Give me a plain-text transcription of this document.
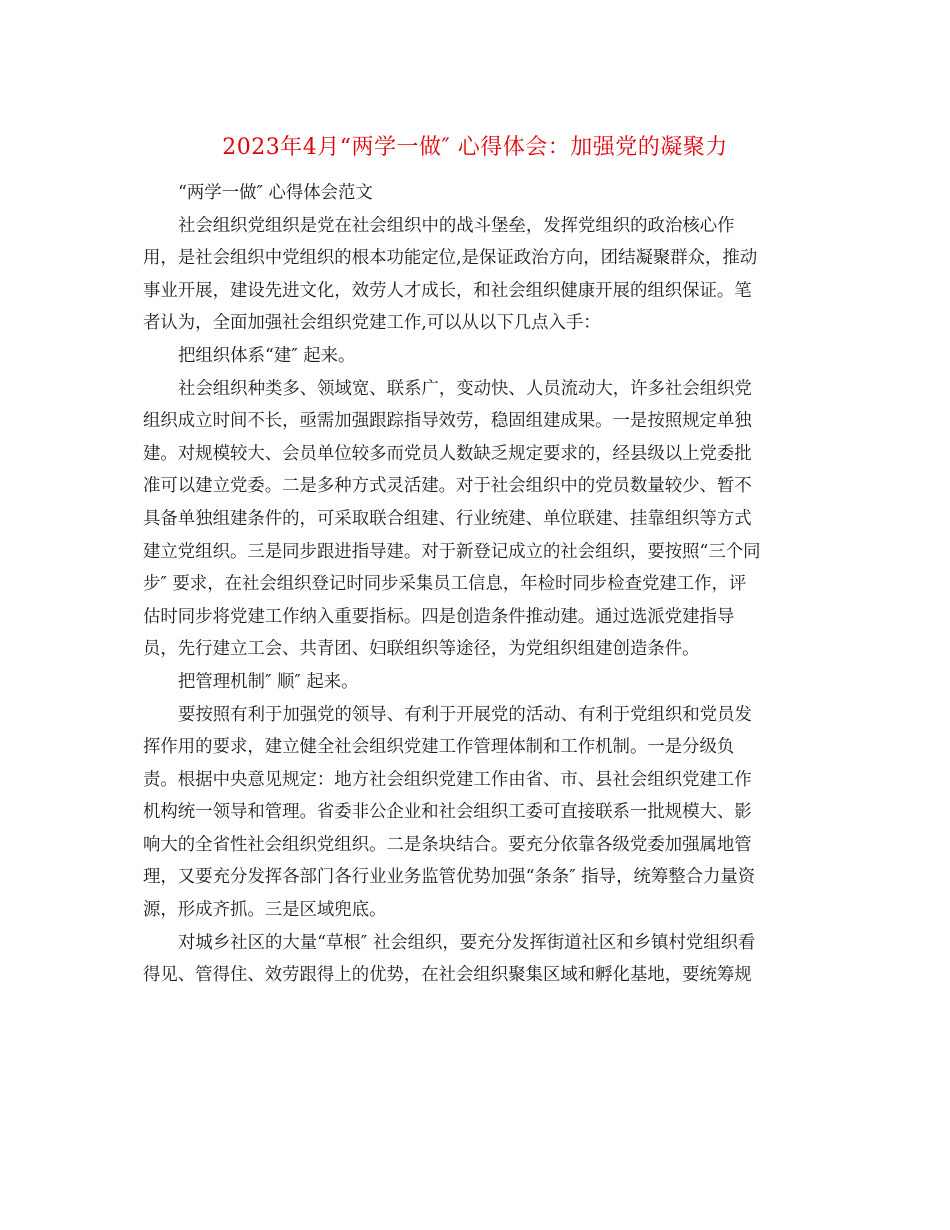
2023年4月“两学一做″ 心得体会：加强党的凝聚力
“两学一做″ 心得体会范文
社会组织党组织是党在社会组织中的战斗堡垒，发挥党组织的政治核心作
用，是社会组织中党组织的根本功能定位,是保证政治方向，团结凝聚群众，推动
事业开展，建设先进文化，效劳人才成长，和社会组织健康开展的组织保证。笔
者认为，全面加强社会组织党建工作,可以从以下几点入手：
把组织体系“建″ 起来。
社会组织种类多、领域宽、联系广，变动快、人员流动大，许多社会组织党
组织成立时间不长，亟需加强跟踪指导效劳，稳固组建成果。一是按照规定单独
建。对规模较大、会员单位较多而党员人数缺乏规定要求的，经县级以上党委批
准可以建立党委。二是多种方式灵活建。对于社会组织中的党员数量较少、暂不
具备单独组建条件的，可采取联合组建、行业统建、单位联建、挂靠组织等方式
建立党组织。三是同步跟进指导建。对于新登记成立的社会组织，要按照“三个同
步″ 要求，在社会组织登记时同步采集员工信息，年检时同步检查党建工作，评
估时同步将党建工作纳入重要指标。四是创造条件推动建。通过选派党建指导
员，先行建立工会、共青团、妇联组织等途径，为党组织组建创造条件。
把管理机制″ 顺″ 起来。
要按照有利于加强党的领导、有利于开展党的活动、有利于党组织和党员发
挥作用的要求，建立健全社会组织党建工作管理体制和工作机制。一是分级负
责。根据中央意见规定：地方社会组织党建工作由省、市、县社会组织党建工作
机构统一领导和管理。省委非公企业和社会组织工委可直接联系一批规模大、影
响大的全省性社会组织党组织。二是条块结合。要充分依靠各级党委加强属地管
理，又要充分发挥各部门各行业业务监管优势加强“条条″ 指导，统筹整合力量资
源，形成齐抓。三是区域兜底。
对城乡社区的大量“草根″ 社会组织，要充分发挥街道社区和乡镇村党组织看
得见、管得住、效劳跟得上的优势，在社会组织聚集区域和孵化基地，要统筹规
